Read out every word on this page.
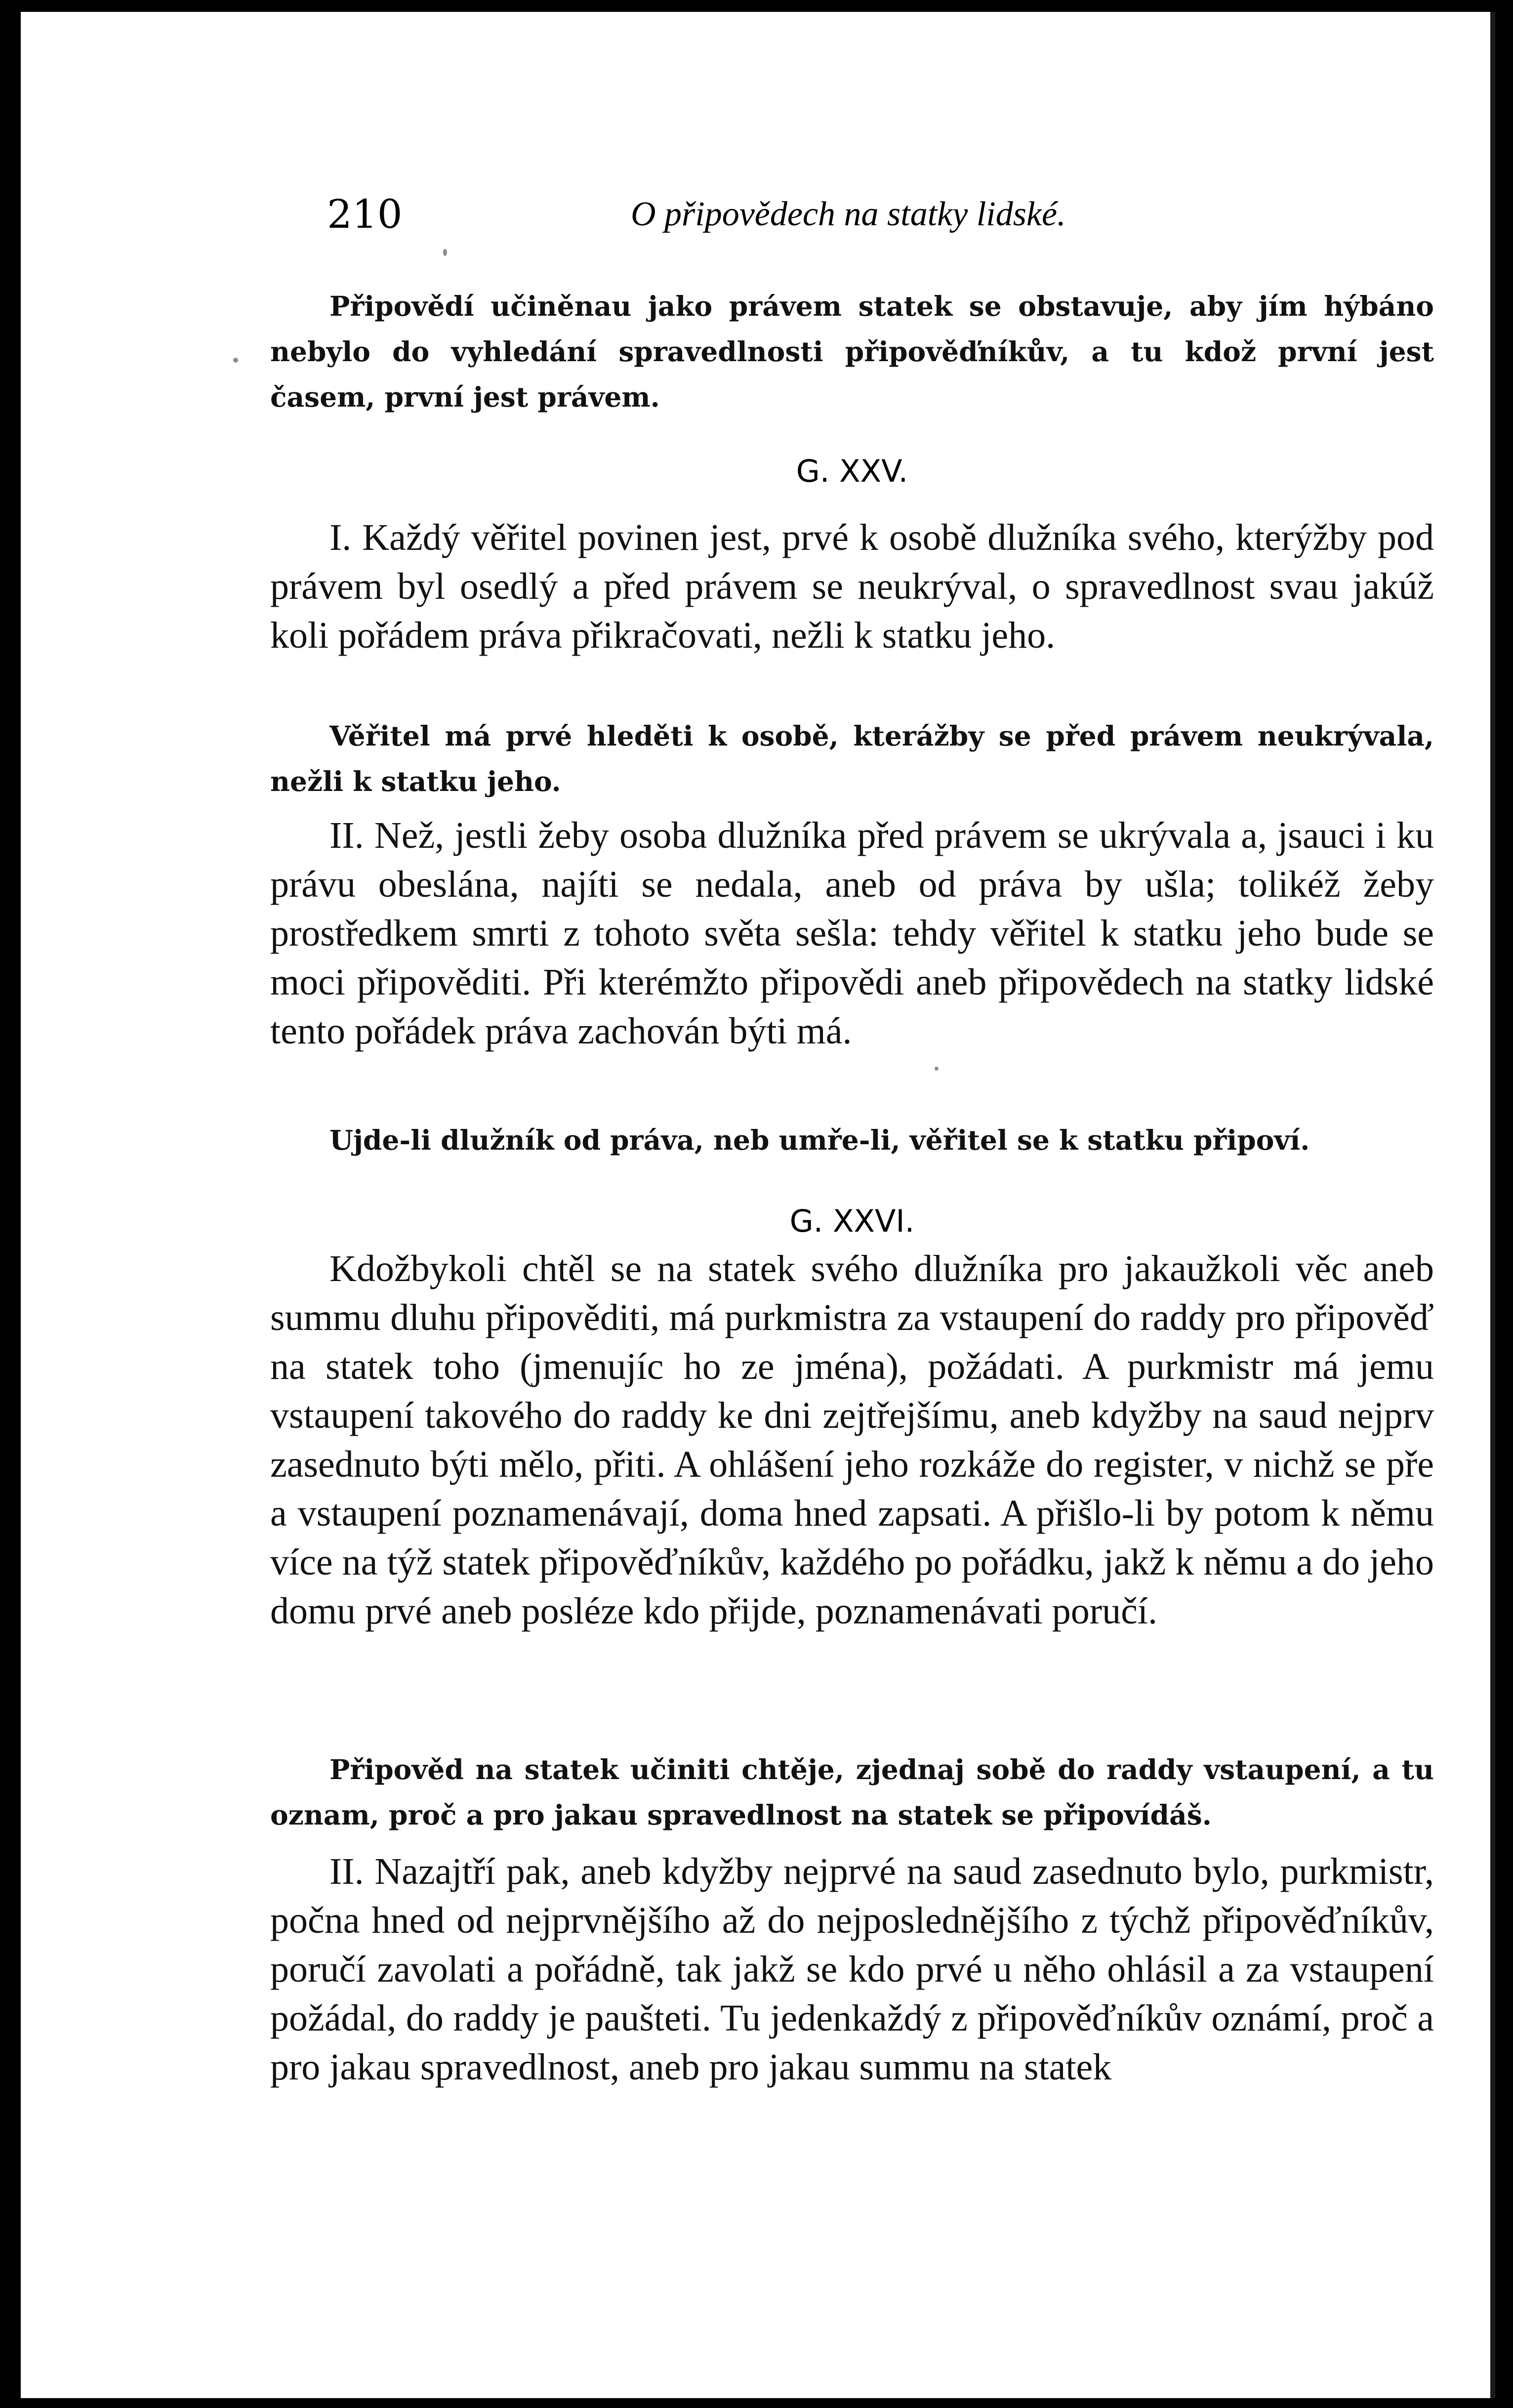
210	O připovědech na statky lidské.
Připovědí učiněnau jako právem statek se obstavuje, aby jím hýbáno nebylo do vyhledání spravedlnosti připověďníkův, a tu kdož první jest časem, první jest právem.
G. XXV.
I. Každý věřitel povinen jest, prvé k osobě dlužníka svého, kterýžby pod právem byl osedlý a před právem se neukrýval, o spravedlnost svau jakúž koli pořádem práva přikračovati, nežli k statku jeho.
Věřitel má prvé hleděti k osobě, kterážby se před právem neukrývala, nežli k statku jeho.
II. Než, jestli žeby osoba dlužníka před právem se ukrývala a, jsauci i ku právu obeslána, najíti se nedala, aneb od práva by ušla; tolikéž žeby prostředkem smrti z tohoto světa sešla: tehdy věřitel k statku jeho bude se moci připověditi. Při kterémžto připovědi aneb připovědech na statky lidské tento pořádek práva zachován býti má.
Ujde-li dlužník od práva, neb umře-li, věřitel se k statku připoví.
G. XXVI.
Kdožbykoli chtěl se na statek svého dlužníka pro jakaužkoli věc aneb summu dluhu připověditi, má purkmistra za vstaupení do raddy pro připověď na statek toho (jmenujíc ho ze jména), požádati. A purkmistr má jemu vstaupení takového do raddy ke dni zejtřejšímu, aneb kdyžby na saud nejprv zasednuto býti mělo, přiti. A ohlášení jeho rozkáže do register, v nichž se pře a vstaupení poznamenávají, doma hned zapsati. A přišlo-li by potom k němu více na týž statek připověďníkův, každého po pořádku, jakž k němu a do jeho domu prvé aneb posléze kdo přijde, poznamenávati poručí.
Připověd na statek učiniti chtěje, zjednaj sobě do raddy vstaupení, a tu oznam, proč a pro jakau spravedlnost na statek se připovídáš.
II. Nazajtří pak, aneb kdyžby nejprvé na saud zasednuto bylo, purkmistr, počna hned od nejprvnějšího až do nejposlednějšího z týchž připověďníkův, poručí zavolati a pořádně, tak jakž se kdo prvé u něho ohlásil a za vstaupení požádal, do raddy je paušteti. Tu jedenkaždý z připověďníkův oznámí, proč a pro jakau spravedlnost, aneb pro jakau summu na statek
